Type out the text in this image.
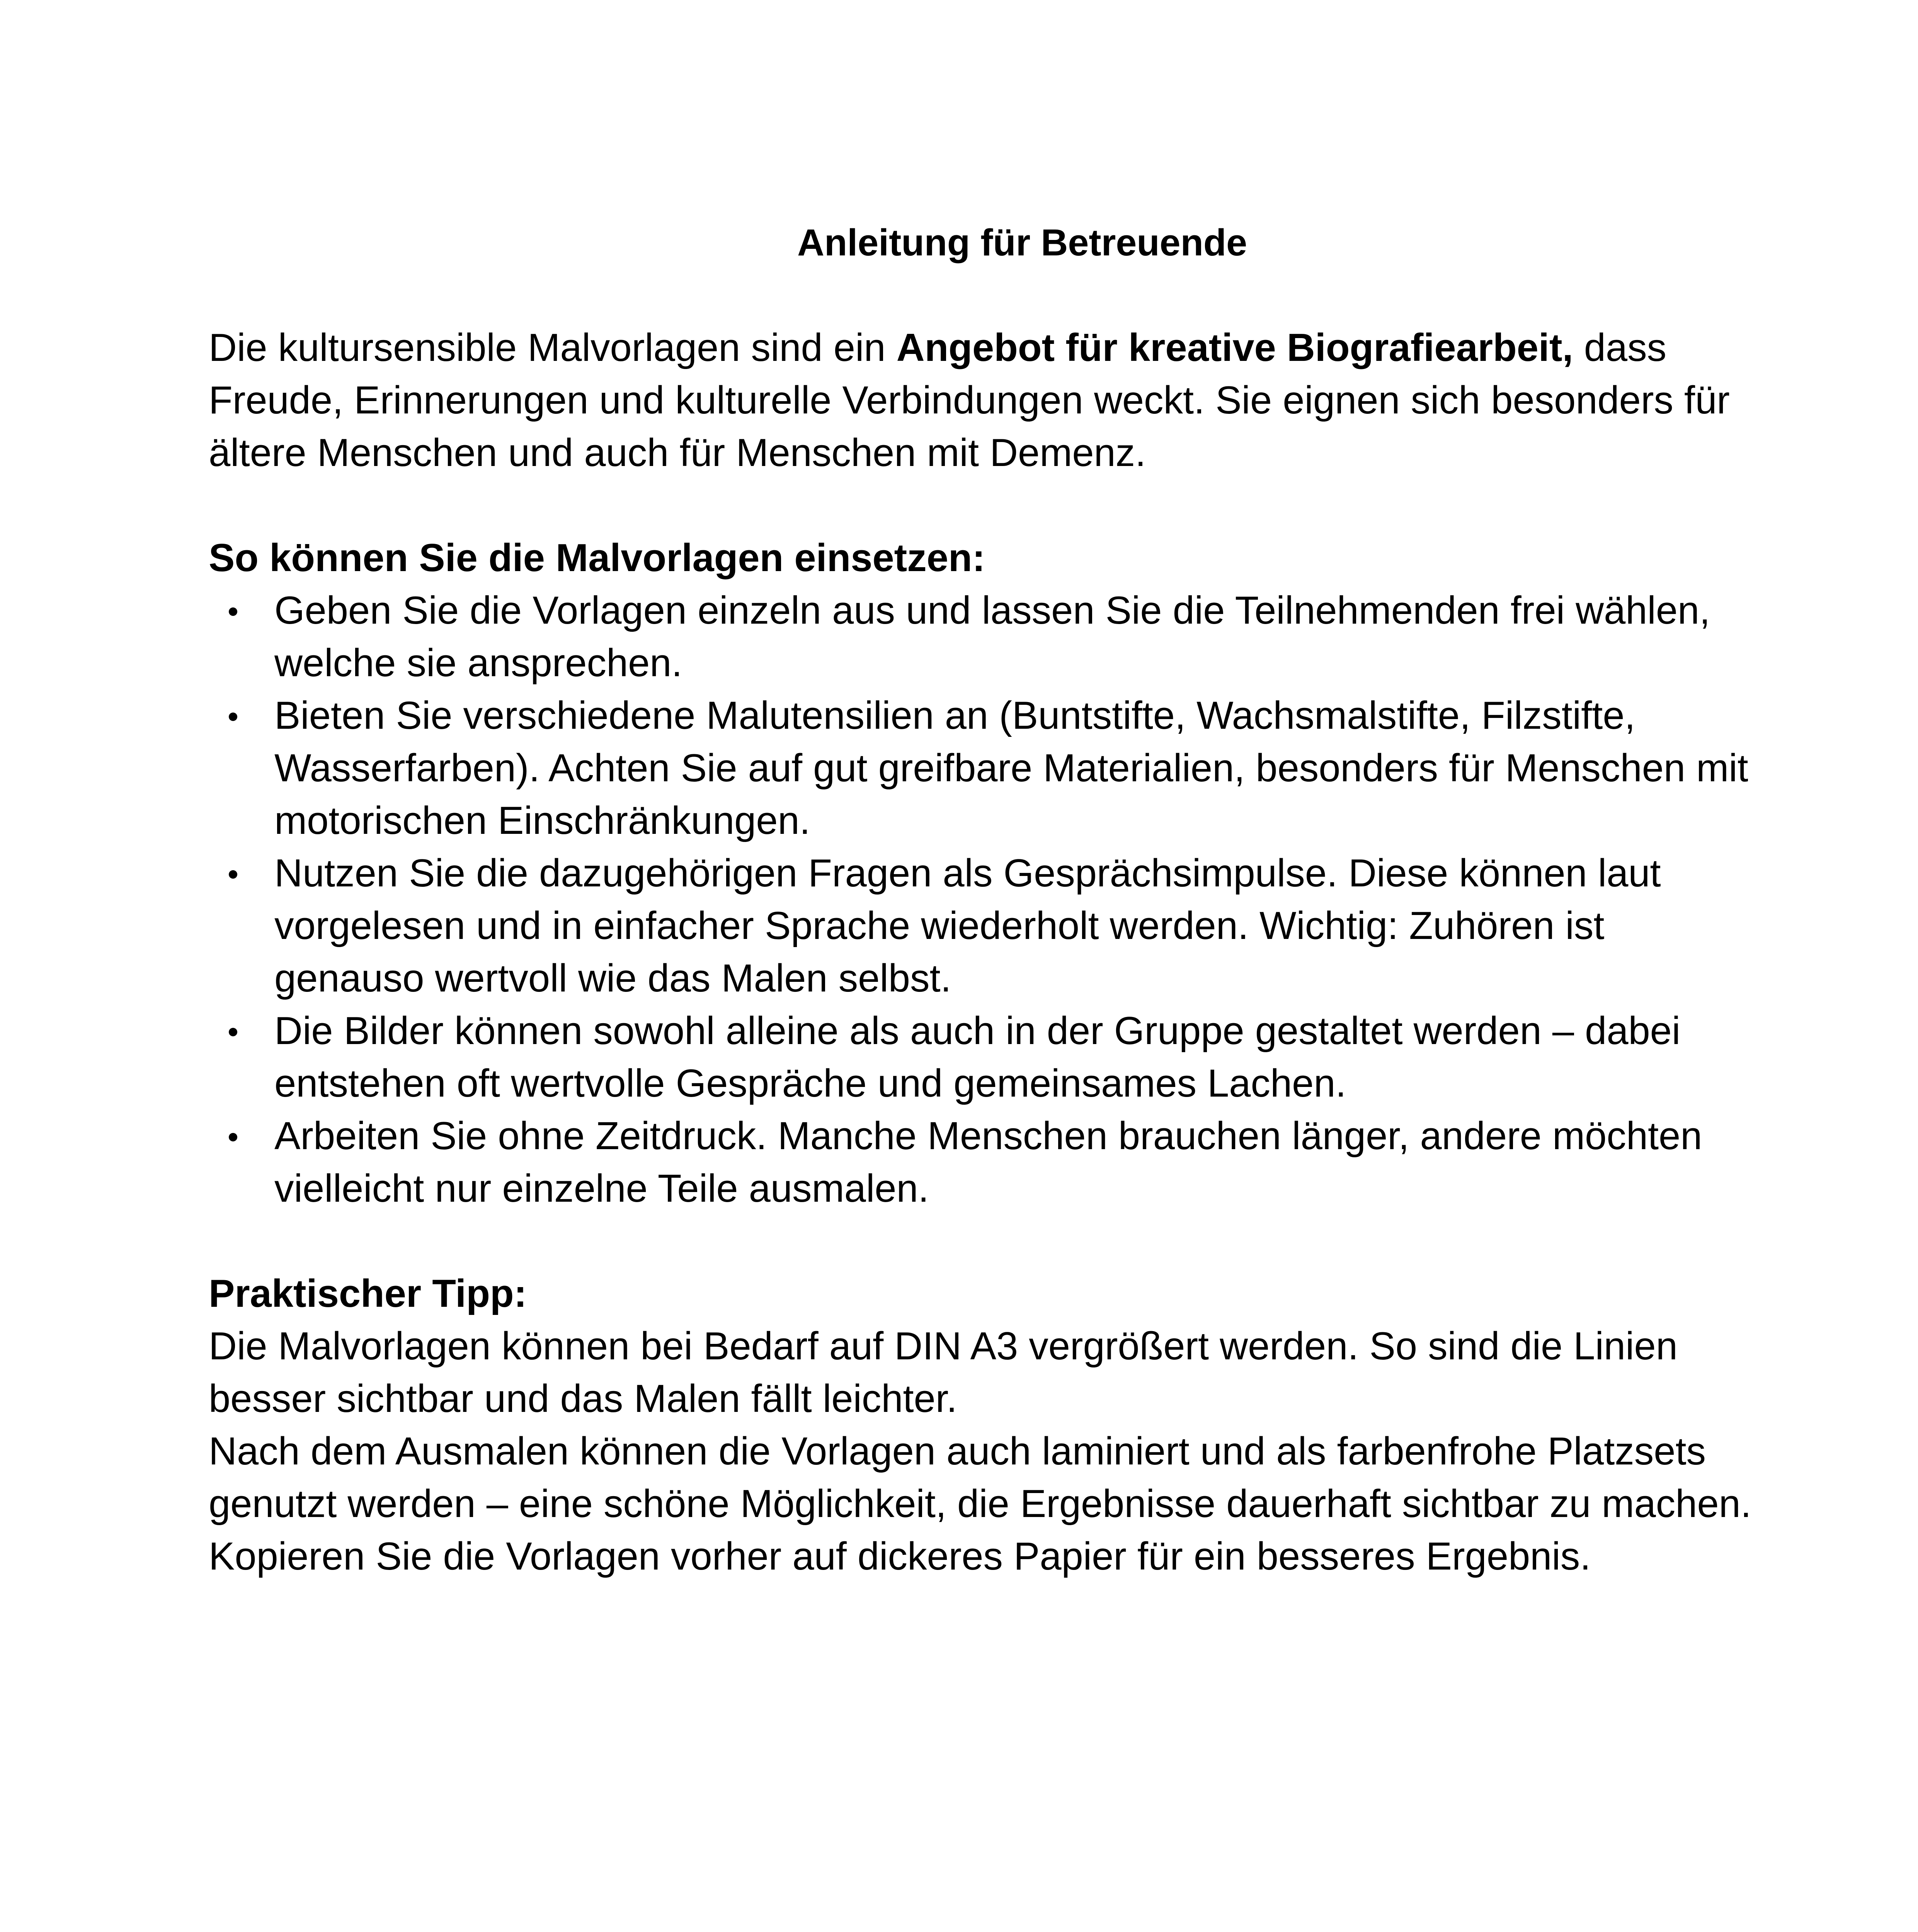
Anleitung für Betreuende

Die kultursensible Malvorlagen sind ein Angebot für kreative Biografiearbeit, dass Freude, Erinnerungen und kulturelle Verbindungen weckt. Sie eignen sich besonders für ältere Menschen und auch für Menschen mit Demenz.

So können Sie die Malvorlagen einsetzen:

Geben Sie die Vorlagen einzeln aus und lassen Sie die Teilnehmenden frei wählen, welche sie ansprechen.
Bieten Sie verschiedene Malutensilien an (Buntstifte, Wachsmalstifte, Filzstifte, Wasserfarben). Achten Sie auf gut greifbare Materialien, besonders für Menschen mit motorischen Einschränkungen.
Nutzen Sie die dazugehörigen Fragen als Gesprächsimpulse. Diese können laut vorgelesen und in einfacher Sprache wiederholt werden. Wichtig: Zuhören ist genauso wertvoll wie das Malen selbst.
Die Bilder können sowohl alleine als auch in der Gruppe gestaltet werden – dabei entstehen oft wertvolle Gespräche und gemeinsames Lachen.
Arbeiten Sie ohne Zeitdruck. Manche Menschen brauchen länger, andere möchten vielleicht nur einzelne Teile ausmalen.

Praktischer Tipp:

Die Malvorlagen können bei Bedarf auf DIN A3 vergrößert werden. So sind die Linien besser sichtbar und das Malen fällt leichter.

Nach dem Ausmalen können die Vorlagen auch laminiert und als farbenfrohe Platzsets genutzt werden – eine schöne Möglichkeit, die Ergebnisse dauerhaft sichtbar zu machen.

Kopieren Sie die Vorlagen vorher auf dickeres Papier für ein besseres Ergebnis.
